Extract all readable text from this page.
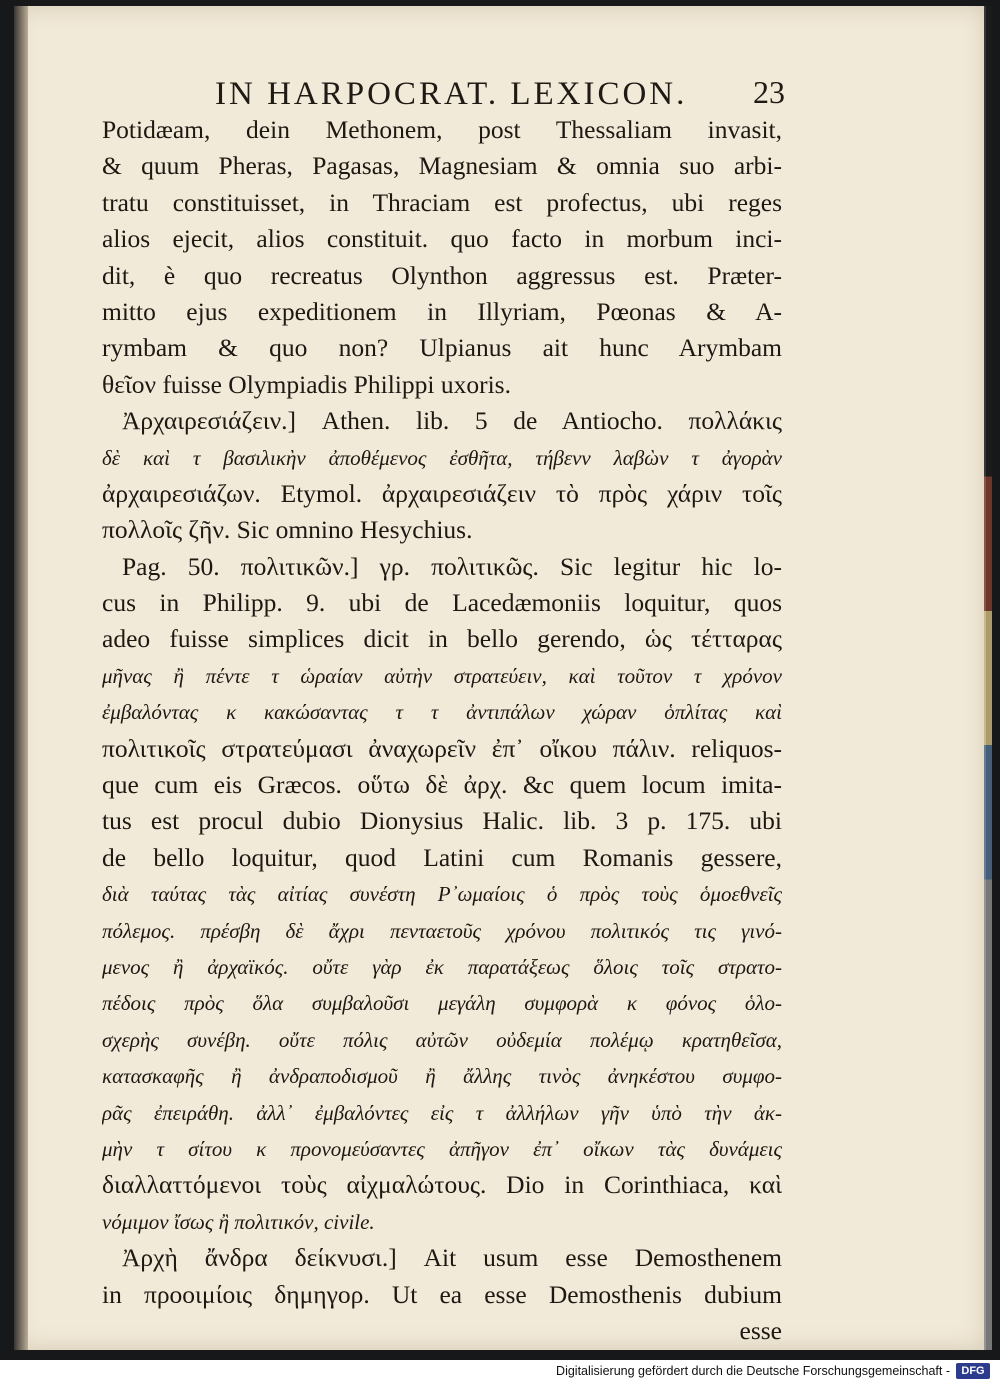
IN HARPOCRAT. LEXICON. 23
Potidæam, dein Methonem, post Thessaliam invasit,
& quum Pheras, Pagasas, Magnesiam & omnia suo arbi-
tratu constituisset, in Thraciam est profectus, ubi reges
alios ejecit, alios constituit. quo facto in morbum inci-
dit, è quo recreatus Olynthon aggressus est. Præter-
mitto ejus expeditionem in Illyriam, Pœonas & A-
rymbam & quo non? Ulpianus ait hunc Arymbam
θεῖον fuisse Olympiadis Philippi uxoris.
Ἀρχαιρεσιάζειν.] Athen. lib. 5 de Antiocho. πολλάκις
δὲ καὶ τ βασιλικὴν ἀποθέμενος ἐσθῆτα, τήβενν λαβὼν τ ἀγορὰν
ἀρχαιρεσιάζων. Etymol. ἀρχαιρεσιάζειν τὸ πρὸς χάριν τοῖς
πολλοῖς ζῆν. Sic omnino Hesychius.
Pag. 50. πολιτικῶν.] γρ. πολιτικῶς. Sic legitur hic lo-
cus in Philipp. 9. ubi de Lacedæmoniis loquitur, quos
adeo fuisse simplices dicit in bello gerendo, ὡς τέτταρας
μῆνας ἢ πέντε τ ὡραίαν αὐτὴν στρατεύειν, καὶ τοῦτον τ χρόνον
ἐμβαλόντας κ κακώσαντας τ τ ἀντιπάλων χώραν ὁπλίτας καὶ
πολιτικοῖς στρατεύμασι ἀναχωρεῖν ἐπ᾽ οἴκου πάλιν. reliquos-
que cum eis Græcos. οὕτω δὲ ἀρχ. &c quem locum imita-
tus est procul dubio Dionysius Halic. lib. 3 p. 175. ubi
de bello loquitur, quod Latini cum Romanis gessere,
διὰ ταύτας τὰς αἰτίας συνέστη Ρ᾽ωμαίοις ὁ πρὸς τοὺς ὁμοεθνεῖς
πόλεμος. πρέσβη δὲ ἄχρι πενταετοῦς χρόνου πολιτικός τις γινό-
μενος ἢ ἀρχαϊκός. οὔτε γὰρ ἐκ παρατάξεως ὅλοις τοῖς στρατο-
πέδοις πρὸς ὅλα συμβαλοῦσι μεγάλη συμφορὰ κ φόνος ὁλο-
σχερὴς συνέβη. οὔτε πόλις αὐτῶν οὐδεμία πολέμῳ κρατηθεῖσα,
κατασκαφῆς ἢ ἀνδραποδισμοῦ ἢ ἄλλης τινὸς ἀνηκέστου συμφο-
ρᾶς ἐπειράθη. ἀλλ᾽ ἐμβαλόντες εἰς τ ἀλλήλων γῆν ὑπὸ τὴν ἀκ-
μὴν τ σίτου κ προνομεύσαντες ἀπῆγον ἐπ᾽ οἴκων τὰς δυνάμεις
διαλλαττόμενοι τοὺς αἰχμαλώτους. Dio in Corinthiaca, καὶ
νόμιμον ἴσως ἢ πολιτικόν, civile.
Ἀρχὴ ἄνδρα δείκνυσι.] Ait usum esse Demosthenem
in προοιμίοις δημηγορ. Ut ea esse Demosthenis dubium
esse
Digitalisierung gefördert durch die Deutsche Forschungsgemeinschaft -	DFG
